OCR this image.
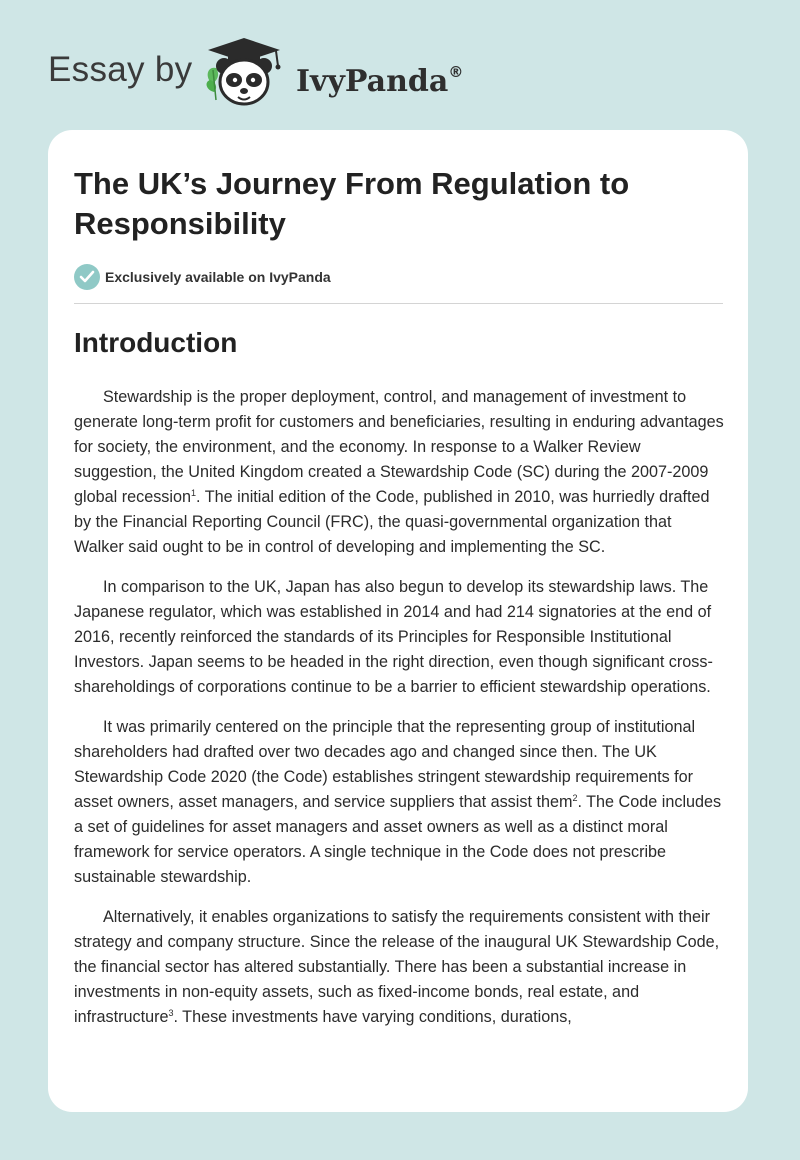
Essay by	IvyPanda®
The UK’s Journey From Regulation to Responsibility
Exclusively available on IvyPanda
Introduction

Stewardship is the proper deployment, control, and management of investment to generate long-term profit for customers and beneficiaries, resulting in enduring advantages for society, the environment, and the economy. In response to a Walker Review suggestion, the United Kingdom created a Stewardship Code (SC) during the 2007-2009 global recession$^1$. The initial edition of the Code, published in 2010, was hurriedly drafted by the Financial Reporting Council (FRC), the quasi-governmental organization that Walker said ought to be in control of developing and implementing the SC.

In comparison to the UK, Japan has also begun to develop its stewardship laws. The Japanese regulator, which was established in 2014 and had 214 signatories at the end of 2016, recently reinforced the standards of its Principles for Responsible Institutional Investors. Japan seems to be headed in the right direction, even though significant cross-shareholdings of corporations continue to be a barrier to efficient stewardship operations.

It was primarily centered on the principle that the representing group of institutional shareholders had drafted over two decades ago and changed since then. The UK Stewardship Code 2020 (the Code) establishes stringent stewardship requirements for asset owners, asset managers, and service suppliers that assist them$^2$. The Code includes a set of guidelines for asset managers and asset owners as well as a distinct moral framework for service operators. A single technique in the Code does not prescribe sustainable stewardship.

Alternatively, it enables organizations to satisfy the requirements consistent with their strategy and company structure. Since the release of the inaugural UK Stewardship Code, the financial sector has altered substantially. There has been a substantial increase in investments in non-equity assets, such as fixed-income bonds, real estate, and infrastructure$^3$. These investments have varying conditions, durations,
